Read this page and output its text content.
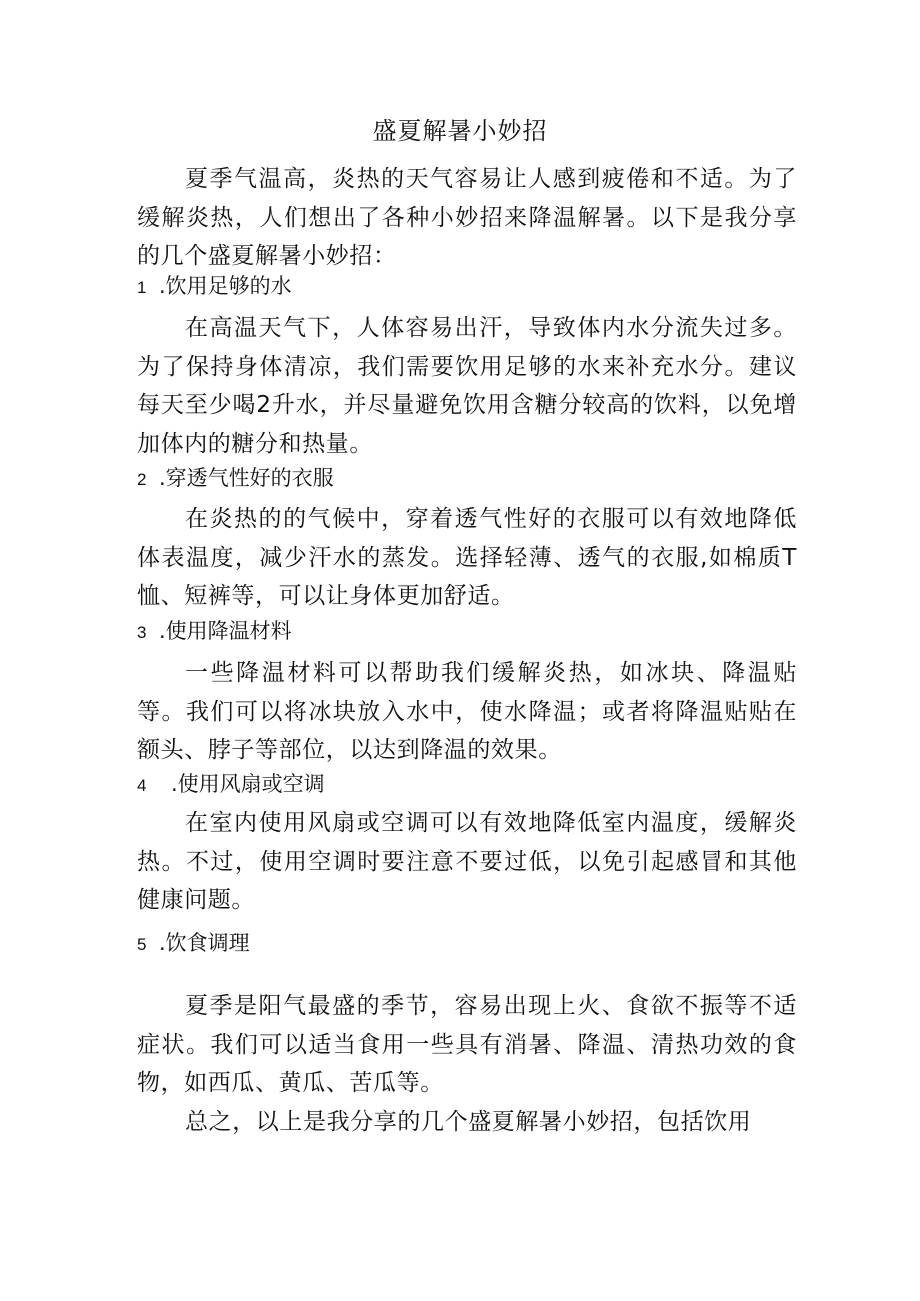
盛夏解暑小妙招

夏季气温高，炎热的天气容易让人感到疲倦和不适。为了缓解炎热，人们想出了各种小妙招来降温解暑。以下是我分享的几个盛夏解暑小妙招：

1 .饮用足够的水

在高温天气下，人体容易出汗，导致体内水分流失过多。为了保持身体清凉，我们需要饮用足够的水来补充水分。建议每天至少喝2升水，并尽量避免饮用含糖分较高的饮料，以免增加体内的糖分和热量。

2 .穿透气性好的衣服

在炎热的的气候中，穿着透气性好的衣服可以有效地降低体表温度，减少汗水的蒸发。选择轻薄、透气的衣服,如棉质T恤、短裤等，可以让身体更加舒适。

3 .使用降温材料

一些降温材料可以帮助我们缓解炎热，如冰块、降温贴等。我们可以将冰块放入水中，使水降温；或者将降温贴贴在额头、脖子等部位，以达到降温的效果。

4 .使用风扇或空调

在室内使用风扇或空调可以有效地降低室内温度，缓解炎热。不过，使用空调时要注意不要过低，以免引起感冒和其他健康问题。

5 .饮食调理

夏季是阳气最盛的季节，容易出现上火、食欲不振等不适症状。我们可以适当食用一些具有消暑、降温、清热功效的食物，如西瓜、黄瓜、苦瓜等。

总之，以上是我分享的几个盛夏解暑小妙招，包括饮用
